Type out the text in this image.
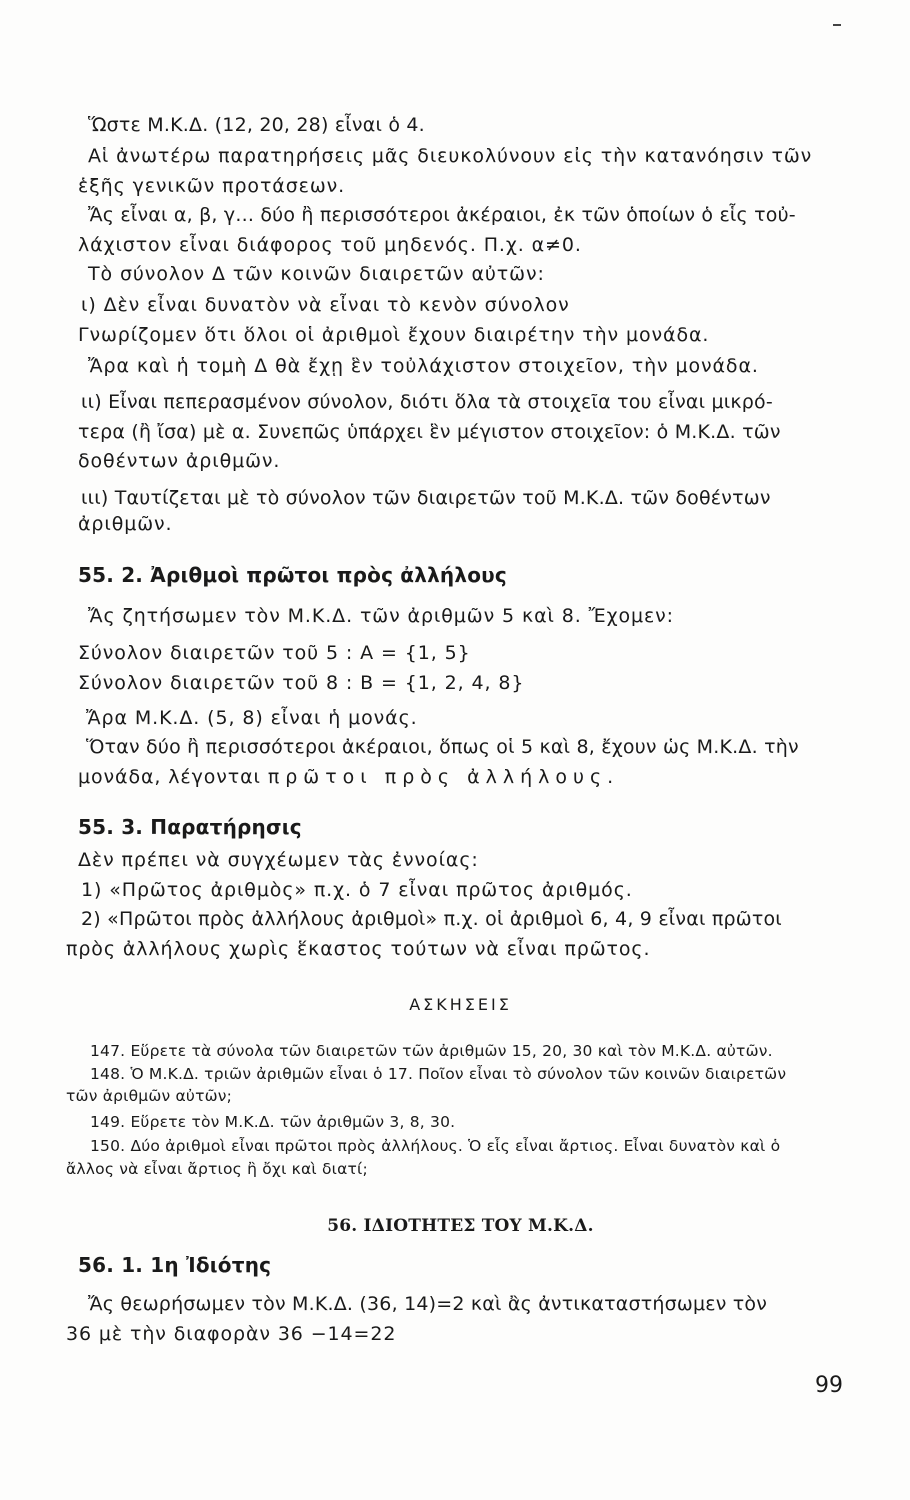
Ὥστε Μ.Κ.Δ. (12, 20, 28) εἶναι ὁ 4.
Αἱ ἀνωτέρω παρατηρήσεις μᾶς διευκολύνουν εἰς τὴν κατανόησιν τῶν
ἑξῆς γενικῶν προτάσεων.
Ἄς εἶναι α, β, γ... δύο ἢ περισσότεροι ἀκέραιοι, ἐκ τῶν ὁποίων ὁ εἷς τοὐ-
λάχιστον εἶναι διάφορος τοῦ μηδενός. Π.χ. α≠0.
Τὸ σύνολον Δ τῶν κοινῶν διαιρετῶν αὐτῶν:
ι) Δὲν εἶναι δυνατὸν νὰ εἶναι τὸ κενὸν σύνολον
Γνωρίζομεν ὅτι ὅλοι οἱ ἀριθμοὶ ἔχουν διαιρέτην τὴν μονάδα.
Ἄρα καὶ ἡ τομὴ Δ θὰ ἔχῃ ἓν τοὐλάχιστον στοιχεῖον, τὴν μονάδα.
ιι) Εἶναι πεπερασμένον σύνολον, διότι ὅλα τὰ στοιχεῖα του εἶναι μικρό-
τερα (ἢ ἴσα) μὲ α. Συνεπῶς ὑπάρχει ἓν μέγιστον στοιχεῖον: ὁ Μ.Κ.Δ. τῶν
δοθέντων ἀριθμῶν.
ιιι) Ταυτίζεται μὲ τὸ σύνολον τῶν διαιρετῶν τοῦ Μ.Κ.Δ. τῶν δοθέντων
ἀριθμῶν.
55. 2. Ἀριθμοὶ πρῶτοι πρὸς ἀλλήλους
Ἄς ζητήσωμεν τὸν Μ.Κ.Δ. τῶν ἀριθμῶν 5 καὶ 8. Ἔχομεν:
Σύνολον διαιρετῶν τοῦ 5 : A = {1, 5}
Σύνολον διαιρετῶν τοῦ 8 : B = {1, 2, 4, 8}
Ἄρα Μ.Κ.Δ. (5, 8) εἶναι ἡ μονάς.
Ὅταν δύο ἢ περισσότεροι ἀκέραιοι, ὅπως οἱ 5 καὶ 8, ἔχουν ὡς Μ.Κ.Δ. τὴν
μονάδα, λέγονται πρῶτοι πρὸς ἀλλήλους.
55. 3. Παρατήρησις
Δὲν πρέπει νὰ συγχέωμεν τὰς ἐννοίας:
1) «Πρῶτος ἀριθμὸς» π.χ. ὁ 7 εἶναι πρῶτος ἀριθμός.
2) «Πρῶτοι πρὸς ἀλλήλους ἀριθμοὶ» π.χ. οἱ ἀριθμοὶ 6, 4, 9 εἶναι πρῶτοι
πρὸς ἀλλήλους χωρὶς ἕκαστος τούτων νὰ εἶναι πρῶτος.
ΑΣΚΗΣΕΙΣ
147. Εὕρετε τὰ σύνολα τῶν διαιρετῶν τῶν ἀριθμῶν 15, 20, 30 καὶ τὸν Μ.Κ.Δ. αὐτῶν.
148. Ὁ Μ.Κ.Δ. τριῶν ἀριθμῶν εἶναι ὁ 17. Ποῖον εἶναι τὸ σύνολον τῶν κοινῶν διαιρετῶν
τῶν ἀριθμῶν αὐτῶν;
149. Εὕρετε τὸν Μ.Κ.Δ. τῶν ἀριθμῶν 3, 8, 30.
150. Δύο ἀριθμοὶ εἶναι πρῶτοι πρὸς ἀλλήλους. Ὁ εἷς εἶναι ἄρτιος. Εἶναι δυνατὸν καὶ ὁ
ἄλλος νὰ εἶναι ἄρτιος ἢ ὄχι καὶ διατί;
56. ΙΔΙΟΤΗΤΕΣ ΤΟΥ Μ.Κ.Δ.
56. 1. 1η Ἰδιότης
Ἄς θεωρήσωμεν τὸν Μ.Κ.Δ. (36, 14)=2 καὶ ἂς ἀντικαταστήσωμεν τὸν
36 μὲ τὴν διαφορὰν 36 −14=22
99
